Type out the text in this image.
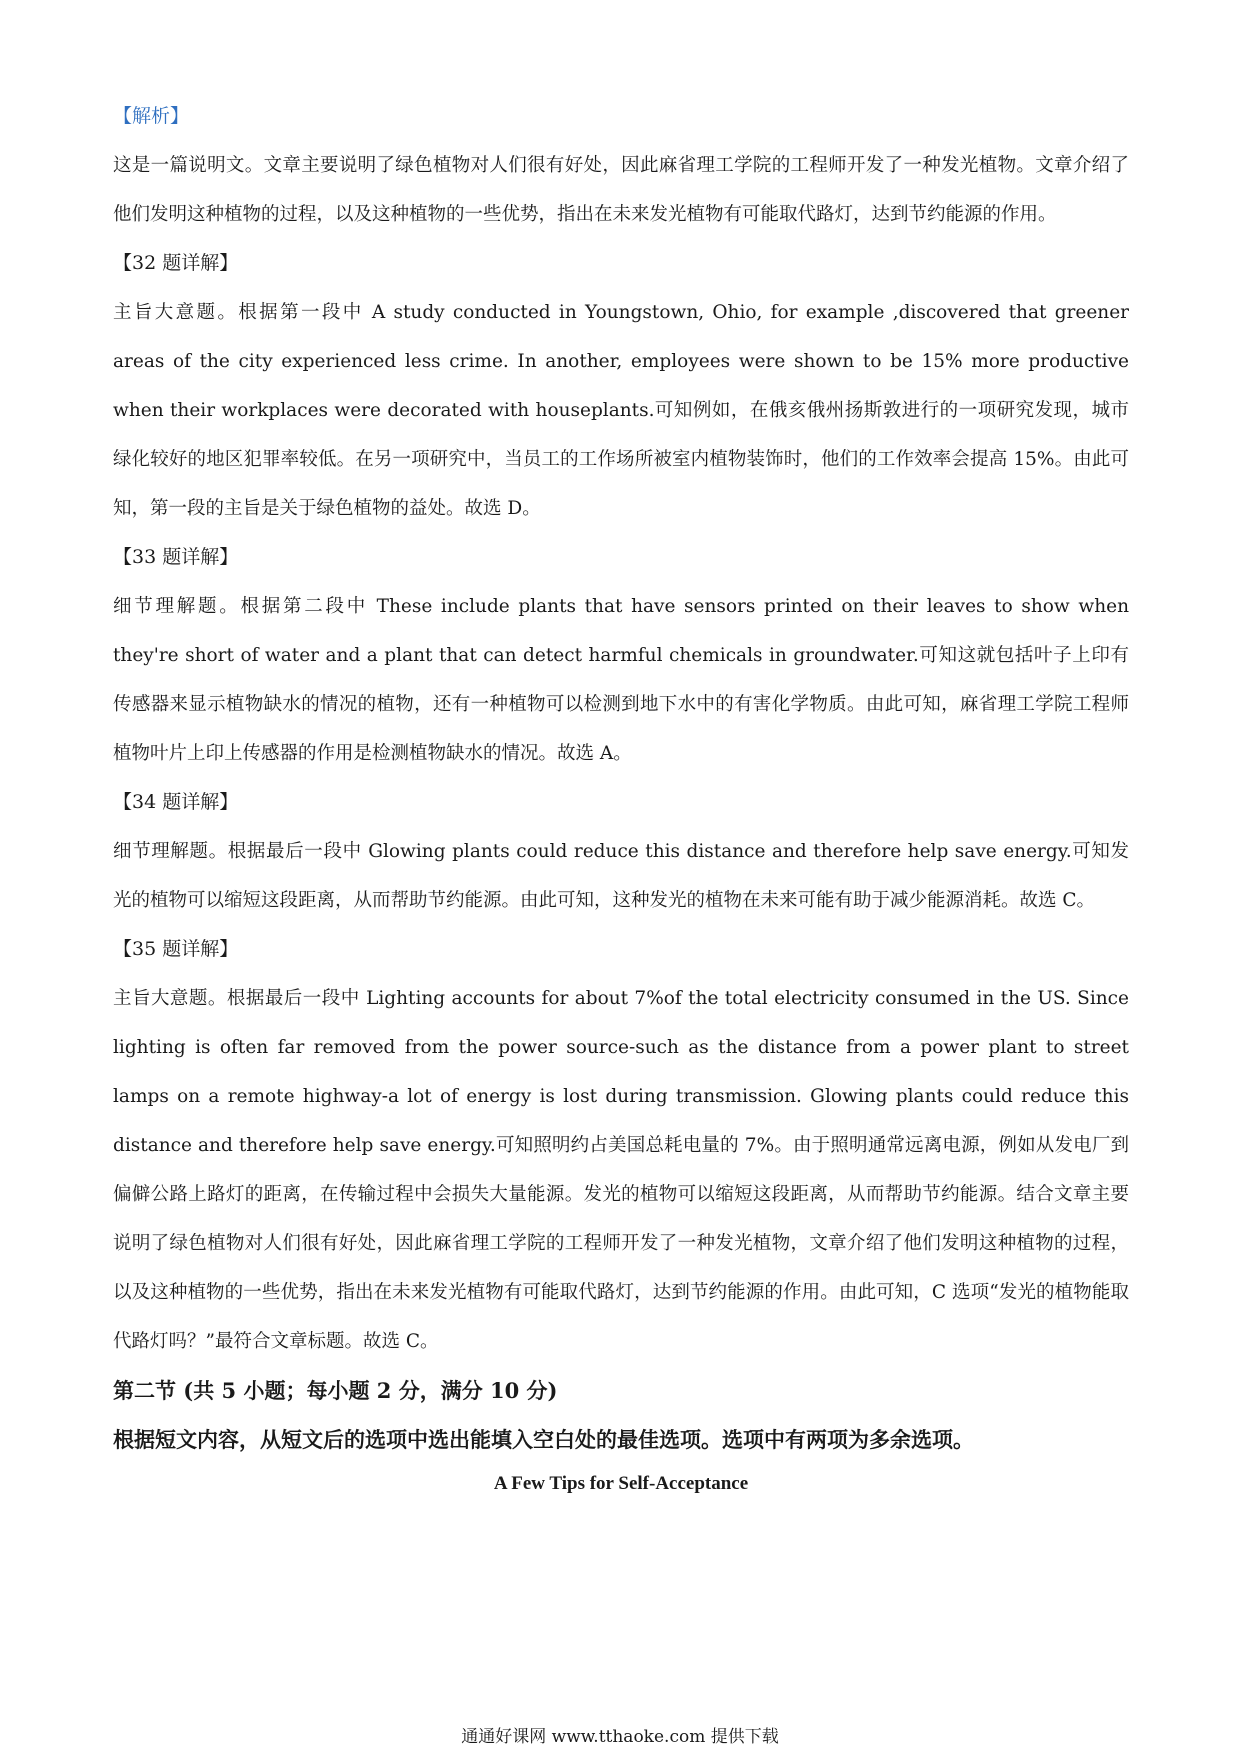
【解析】

这是一篇说明文。文章主要说明了绿色植物对人们很有好处，因此麻省理工学院的工程师开发了一种发光植物。文章介绍了他们发明这种植物的过程，以及这种植物的一些优势，指出在未来发光植物有可能取代路灯，达到节约能源的作用。

【32 题详解】

主旨大意题。根据第一段中 A study conducted in Youngstown, Ohio, for example ,discovered that greener areas of the city experienced less crime. In another, employees were shown to be 15% more productive when their workplaces were decorated with houseplants.可知例如，在俄亥俄州扬斯敦进行的一项研究发现，城市绿化较好的地区犯罪率较低。在另一项研究中，当员工的工作场所被室内植物装饰时，他们的工作效率会提高 15%。由此可知，第一段的主旨是关于绿色植物的益处。故选 D。

【33 题详解】

细节理解题。根据第二段中 These include plants that have sensors printed on their leaves to show when they're short of water and a plant that can detect harmful chemicals in groundwater.可知这就包括叶子上印有传感器来显示植物缺水的情况的植物，还有一种植物可以检测到地下水中的有害化学物质。由此可知，麻省理工学院工程师植物叶片上印上传感器的作用是检测植物缺水的情况。故选 A。

【34 题详解】

细节理解题。根据最后一段中 Glowing plants could reduce this distance and therefore help save energy.可知发光的植物可以缩短这段距离，从而帮助节约能源。由此可知，这种发光的植物在未来可能有助于减少能源消耗。故选 C。

【35 题详解】

主旨大意题。根据最后一段中 Lighting accounts for about 7%of the total electricity consumed in the US. Since lighting is often far removed from the power source-such as the distance from a power plant to street lamps on a remote highway-a lot of energy is lost during transmission. Glowing plants could reduce this distance and therefore help save energy.可知照明约占美国总耗电量的 7%。由于照明通常远离电源，例如从发电厂到偏僻公路上路灯的距离，在传输过程中会损失大量能源。发光的植物可以缩短这段距离，从而帮助节约能源。结合文章主要说明了绿色植物对人们很有好处，因此麻省理工学院的工程师开发了一种发光植物，文章介绍了他们发明这种植物的过程，以及这种植物的一些优势，指出在未来发光植物有可能取代路灯，达到节约能源的作用。由此可知，C 选项“发光的植物能取代路灯吗？”最符合文章标题。故选 C。

第二节 (共 5 小题；每小题 2 分，满分 10 分)

根据短文内容，从短文后的选项中选出能填入空白处的最佳选项。选项中有两项为多余选项。

A Few Tips for Self-Acceptance

通通好课网 www.tthaoke.com 提供下载
